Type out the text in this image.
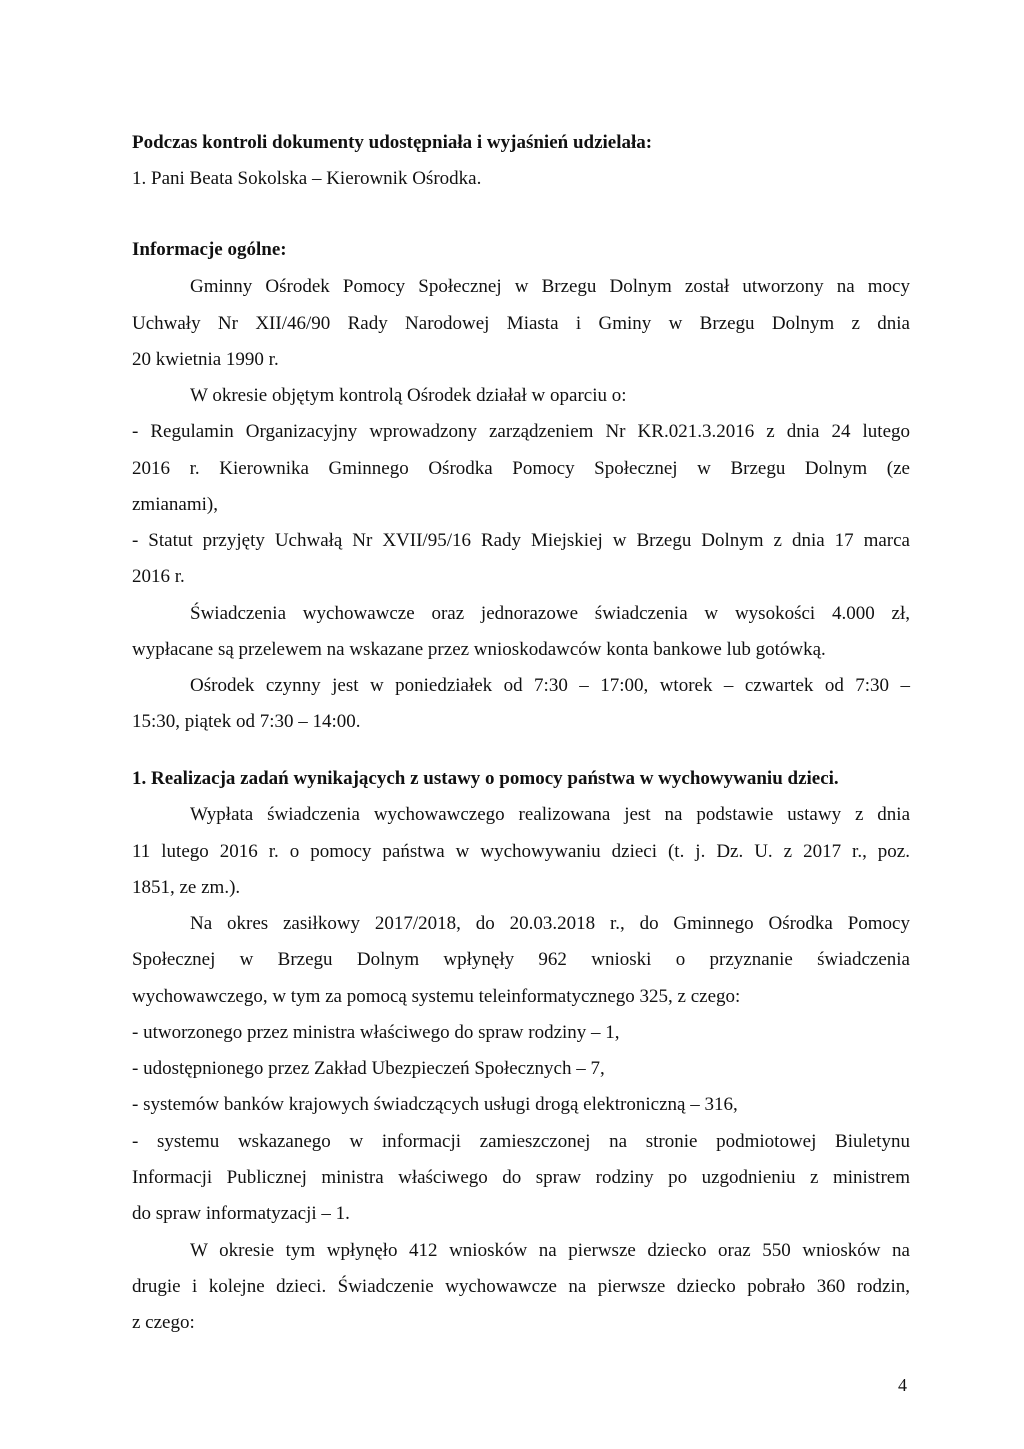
Podczas kontroli dokumenty udostępniała i wyjaśnień udzielała:
1. Pani Beata Sokolska – Kierownik Ośrodka.
Informacje ogólne:
Gminny Ośrodek Pomocy Społecznej w Brzegu Dolnym został utworzony na mocy
Uchwały Nr XII/46/90 Rady Narodowej Miasta i Gminy w Brzegu Dolnym z dnia
20 kwietnia 1990 r.
W okresie objętym kontrolą Ośrodek działał w oparciu o:
- Regulamin Organizacyjny wprowadzony zarządzeniem Nr KR.021.3.2016 z dnia 24 lutego
2016 r. Kierownika Gminnego Ośrodka Pomocy Społecznej w Brzegu Dolnym (ze
zmianami),
- Statut przyjęty Uchwałą Nr XVII/95/16 Rady Miejskiej w Brzegu Dolnym z dnia 17 marca
2016 r.
Świadczenia wychowawcze oraz jednorazowe świadczenia w wysokości 4.000 zł,
wypłacane są przelewem na wskazane przez wnioskodawców konta bankowe lub gotówką.
Ośrodek czynny jest w poniedziałek od 7:30 – 17:00, wtorek – czwartek od 7:30 –
15:30, piątek od 7:30 – 14:00.
1. Realizacja zadań wynikających z ustawy o pomocy państwa w wychowywaniu dzieci.
Wypłata świadczenia wychowawczego realizowana jest na podstawie ustawy z dnia
11 lutego 2016 r. o pomocy państwa w wychowywaniu dzieci (t. j. Dz. U. z 2017 r., poz.
1851, ze zm.).
Na okres zasiłkowy 2017/2018, do 20.03.2018 r., do Gminnego Ośrodka Pomocy
Społecznej w Brzegu Dolnym wpłynęły 962 wnioski o przyznanie świadczenia
wychowawczego, w tym za pomocą systemu teleinformatycznego 325, z czego:
- utworzonego przez ministra właściwego do spraw rodziny – 1,
- udostępnionego przez Zakład Ubezpieczeń Społecznych – 7,
- systemów banków krajowych świadczących usługi drogą elektroniczną – 316,
- systemu wskazanego w informacji zamieszczonej na stronie podmiotowej Biuletynu
Informacji Publicznej ministra właściwego do spraw rodziny po uzgodnieniu z ministrem
do spraw informatyzacji – 1.
W okresie tym wpłynęło 412 wniosków na pierwsze dziecko oraz 550 wniosków na
drugie i kolejne dzieci. Świadczenie wychowawcze na pierwsze dziecko pobrało 360 rodzin,
z czego:
4
